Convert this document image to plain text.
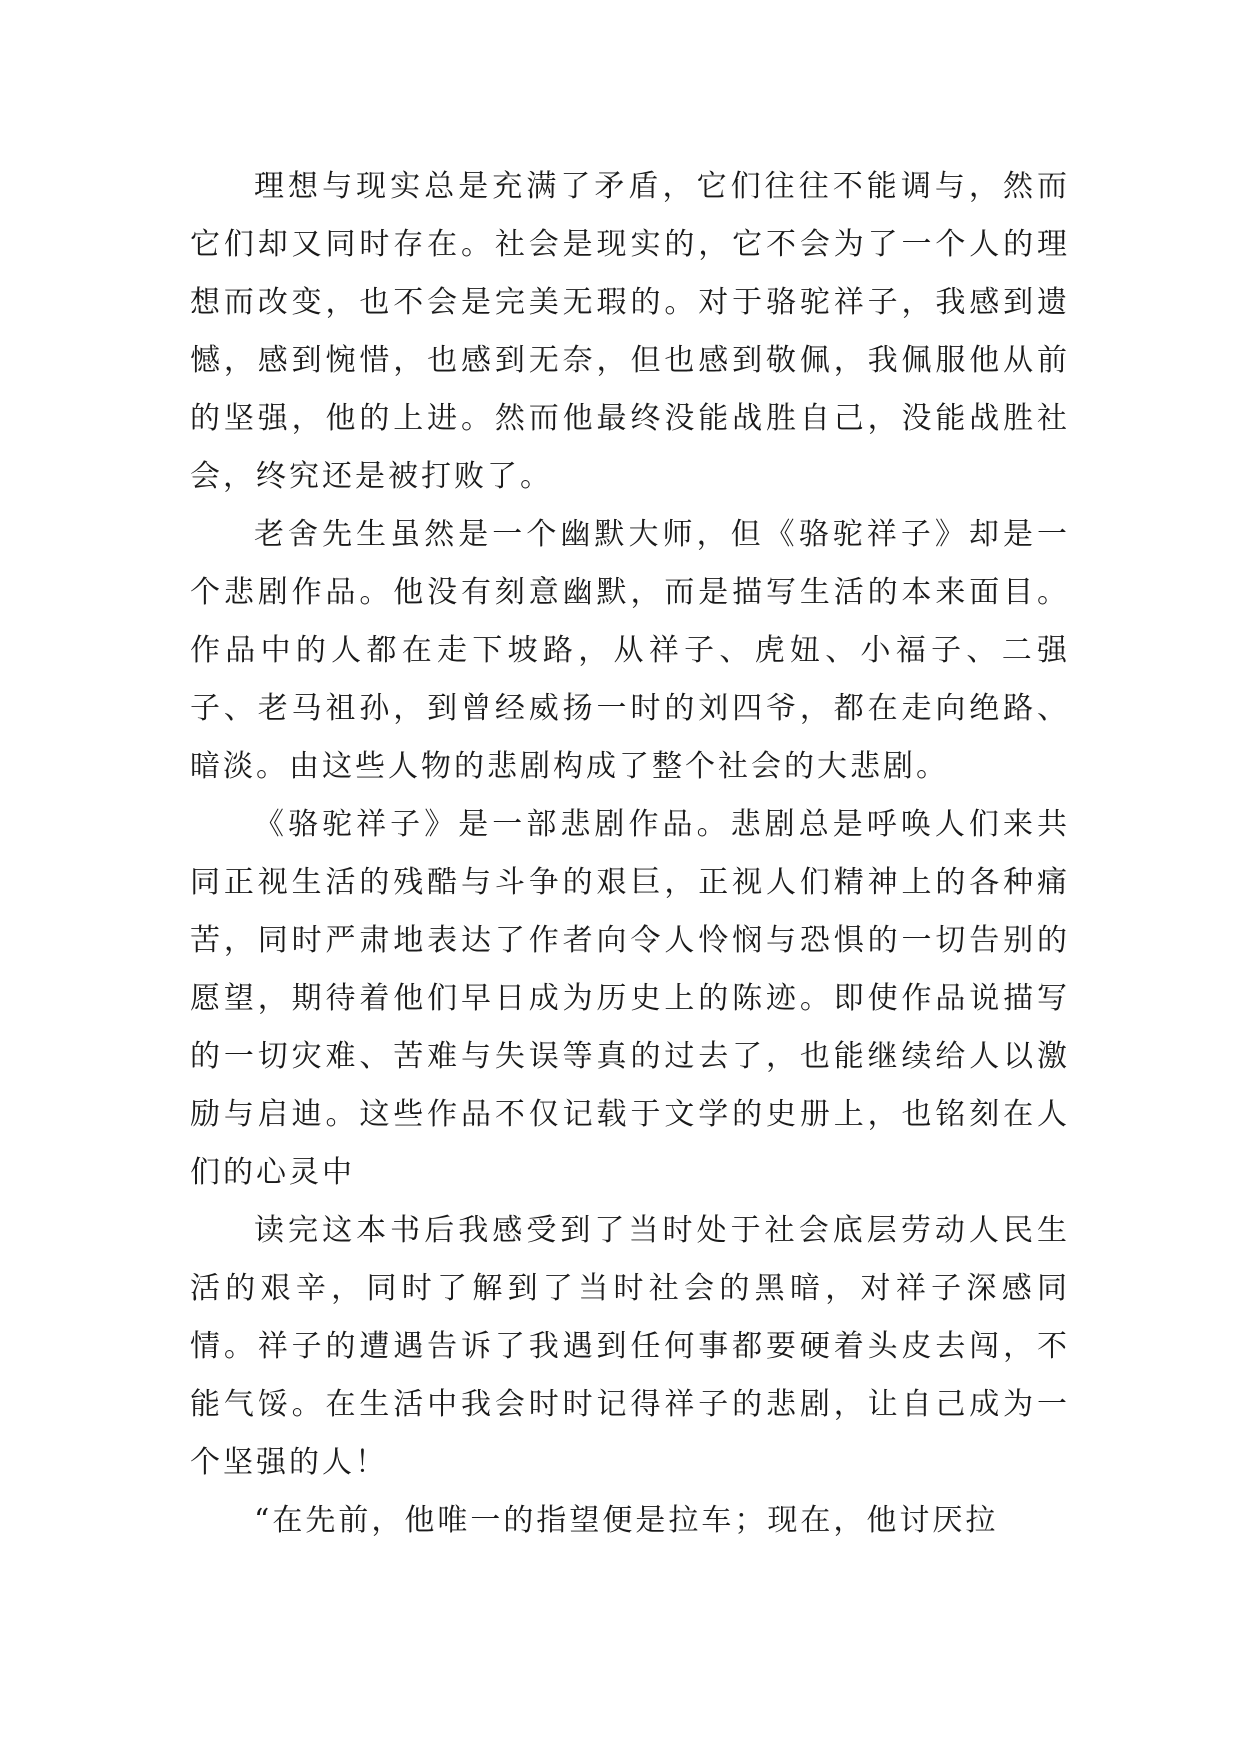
理想与现实总是充满了矛盾，它们往往不能调与，然而它们却又同时存在。社会是现实的，它不会为了一个人的理想而改变，也不会是完美无瑕的。对于骆驼祥子，我感到遗憾，感到惋惜，也感到无奈，但也感到敬佩，我佩服他从前的坚强，他的上进。然而他最终没能战胜自己，没能战胜社会，终究还是被打败了。

老舍先生虽然是一个幽默大师，但《骆驼祥子》却是一个悲剧作品。他没有刻意幽默，而是描写生活的本来面目。作品中的人都在走下坡路，从祥子、虎妞、小福子、二强子、老马祖孙，到曾经威扬一时的刘四爷，都在走向绝路、暗淡。由这些人物的悲剧构成了整个社会的大悲剧。

《骆驼祥子》是一部悲剧作品。悲剧总是呼唤人们来共同正视生活的残酷与斗争的艰巨，正视人们精神上的各种痛苦，同时严肃地表达了作者向令人怜悯与恐惧的一切告别的愿望，期待着他们早日成为历史上的陈迹。即使作品说描写的一切灾难、苦难与失误等真的过去了，也能继续给人以激励与启迪。这些作品不仅记载于文学的史册上，也铭刻在人们的心灵中

读完这本书后我感受到了当时处于社会底层劳动人民生活的艰辛，同时了解到了当时社会的黑暗，对祥子深感同情。祥子的遭遇告诉了我遇到任何事都要硬着头皮去闯，不能气馁。在生活中我会时时记得祥子的悲剧，让自己成为一个坚强的人！

“在先前，他唯一的指望便是拉车；现在，他讨厌拉
